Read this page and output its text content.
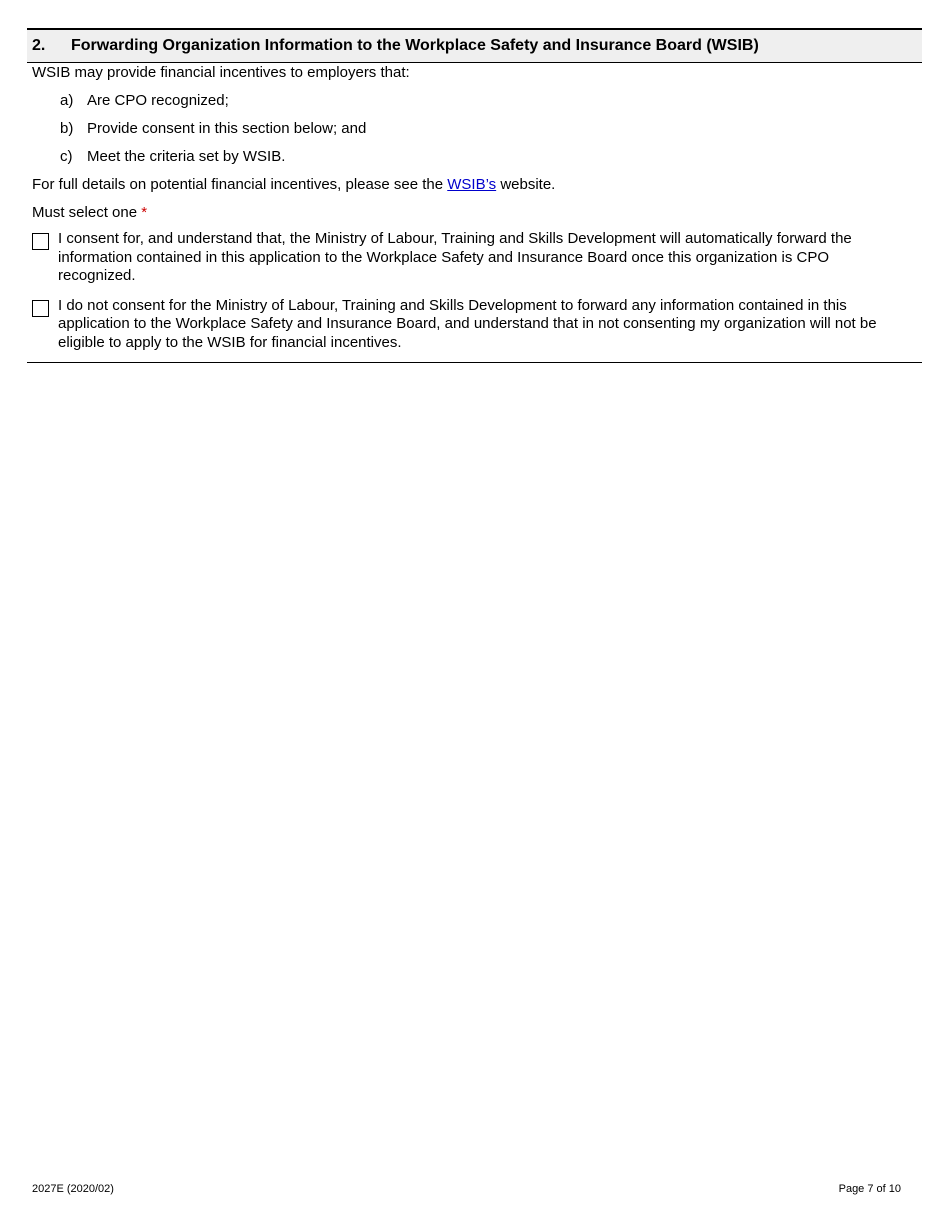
2.	Forwarding Organization Information to the Workplace Safety and Insurance Board (WSIB)
WSIB may provide financial incentives to employers that:
a) Are CPO recognized;
b) Provide consent in this section below; and
c) Meet the criteria set by WSIB.
For full details on potential financial incentives, please see the WSIB’s website.
Must select one *
I consent for, and understand that, the Ministry of Labour, Training and Skills Development will automatically forward the information contained in this application to the Workplace Safety and Insurance Board once this organization is CPO recognized.
I do not consent for the Ministry of Labour, Training and Skills Development to forward any information contained in this application to the Workplace Safety and Insurance Board, and understand that in not consenting my organization will not be eligible to apply to the WSIB for financial incentives.
2027E (2020/02)	Page 7 of 10
